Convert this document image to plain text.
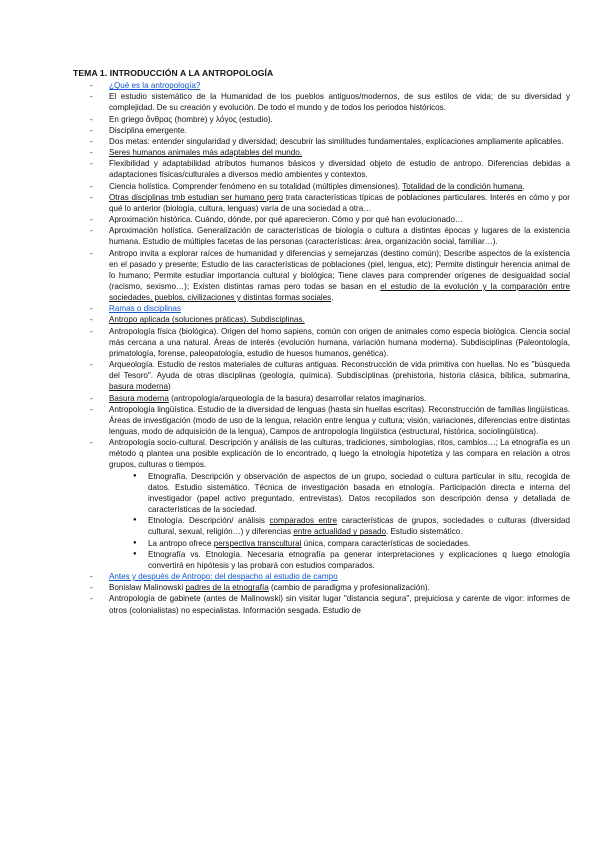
TEMA 1. INTRODUCCIÓN A LA ANTROPOLOGÍA
- ¿Qué es la antropología?
- El estudio sistemático de la Humanidad de los pueblos antiguos/modernos, de sus estilos de vida; de su diversidad y complejidad. De su creación y evolución. De todo el mundo y de todos los periodos históricos.
- En griego ἄνθρας (hombre) y λόγος (estudio).
- Disciplina emergente.
- Dos metas: entender singularidad y diversidad; descubrir las similitudes fundamentales, explicaciones ampliamente aplicables.
- Seres humanos animales más adaptables del mundo.
- Flexibilidad y adaptabilidad atributos humanos básicos y diversidad objeto de estudio de antropo. Diferencias debidas a adaptaciones físicas/culturales a diversos medio ambientes y contextos.
- Ciencia holística. Comprender fenómeno en su totalidad (múltiples dimensiones). Totalidad de la condición humana.
- Otras disciplinas tmb estudian ser humano pero trata características típicas de poblaciones particulares. Interés en cómo y por qué lo anterior (biología, cultura, lenguas) varía de una sociedad a otra…
- Aproximación histórica. Cuándo, dónde, por qué aparecieron. Cómo y por qué han evolucionado…
- Aproximación holística. Generalización de características de biología o cultura a distintas épocas y lugares de la existencia humana. Estudio de múltiples facetas de las personas (características: área, organización social, familiar…).
- Antropo invita a explorar raíces de humanidad y diferencias y semejanzas (destino común); Describe aspectos de la existencia en el pasado y presente; Estudio de las características de poblaciones (piel, lengua, etc); Permite distinguir herencia animal de lo humano; Permite estudiar importancia cultural y biológica; Tiene claves para comprender orígenes de desigualdad social (racismo, sexismo…); Existen distintas ramas pero todas se basan en el estudio de la evolución y la comparación entre sociedades, pueblos, civilizaciones y distintas formas sociales.
- Ramas o disciplinas
- Antropo aplicada (soluciones práticas). Subdisciplinas.
- Antropología física (biológica). Origen del homo sapiens, común con origen de animales como especia biológica. Ciencia social más cercana a una natural. Áreas de interés (evolución humana, variación humana moderna). Subdisciplinas (Paleontología, primatología, forense, paleopatología, estudio de huesos humanos, genética).
- Arqueología. Estudio de restos materiales de culturas antiguas. Reconstrucción de vida primitiva con huellas. No es "búsqueda del Tesoro". Ayuda de otras disciplinas (geología, química). Subdisciplinas (prehistoria, historia clásica, bíblica, submarina, basura moderna)
- Basura moderna (antropología/arqueología de la basura) desarrollar relatos imaginarios.
- Antropología lingüística. Estudio de la diversidad de lenguas (hasta sin huellas escritas). Reconstrucción de familias lingüísticas. Áreas de investigación (modo de uso de la lengua, relación entre lengua y cultura; visión, variaciones, diferencias entre distintas lenguas, modo de adquisición de la lengua), Campos de antropología lingüística (estructural, histórica, sociolingüística).
- Antropología socio-cultural. Descripción y análisis de las culturas, tradiciones, simbologías, ritos, cambios…; La etnografía es un método q plantea una posible explicación de lo encontrado, q luego la etnología hipotetiza y las compara en relación a otros grupos, culturas o tiempos.
● Etnografía. Descripción y observación de aspectos de un grupo, sociedad o cultura particular in situ, recogida de datos. Estudio sistemático. Técnica de investigación basada en etnología. Participación directa e interna del investigador (papel activo preguntado, entrevistas). Datos recopilados son descripción densa y detallada de características de la sociedad.
● Etnología. Descripción/ análisis comparados entre características de grupos, sociedades o culturas (diversidad cultural, sexual, religión…) y diferencias entre actualidad y pasado. Estudio sistemático.
● La antropo ofrece perspectiva transcultural única, compara características de sociedades.
● Etnografía vs. Etnología. Necesaria etnografía pa generar interpretaciones y explicaciones q luego etnología convertirá en hipótesis y las probará con estudios comparados.
- Antes y después de Antropo: del despacho al estudio de campo
- Bonislaw Malinowski padres de la etnografía (cambio de paradigma y profesionalización).
- Antropología de gabinete (antes de Malinowski) sin visitar lugar "distancia segura", prejuiciosa y carente de vigor: informes de otros (colonialistas) no especialistas. Información sesgada. Estudio de
